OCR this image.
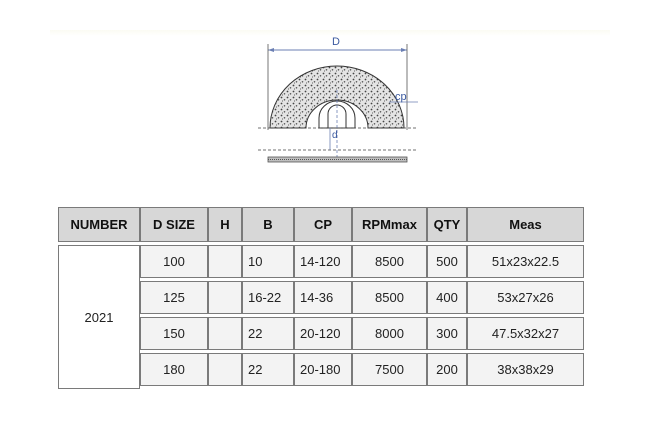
D
cp
d
NUMBER	D SIZE	H	B	CP	RPMmax	QTY	Meas

2021	100		10	14-120	8500	500	51x23x22.5

	125		16-22	14-36	8500	400	53x27x26

	150		22	20-120	8000	300	47.5x32x27

	180		22	20-180	7500	200	38x38x29
